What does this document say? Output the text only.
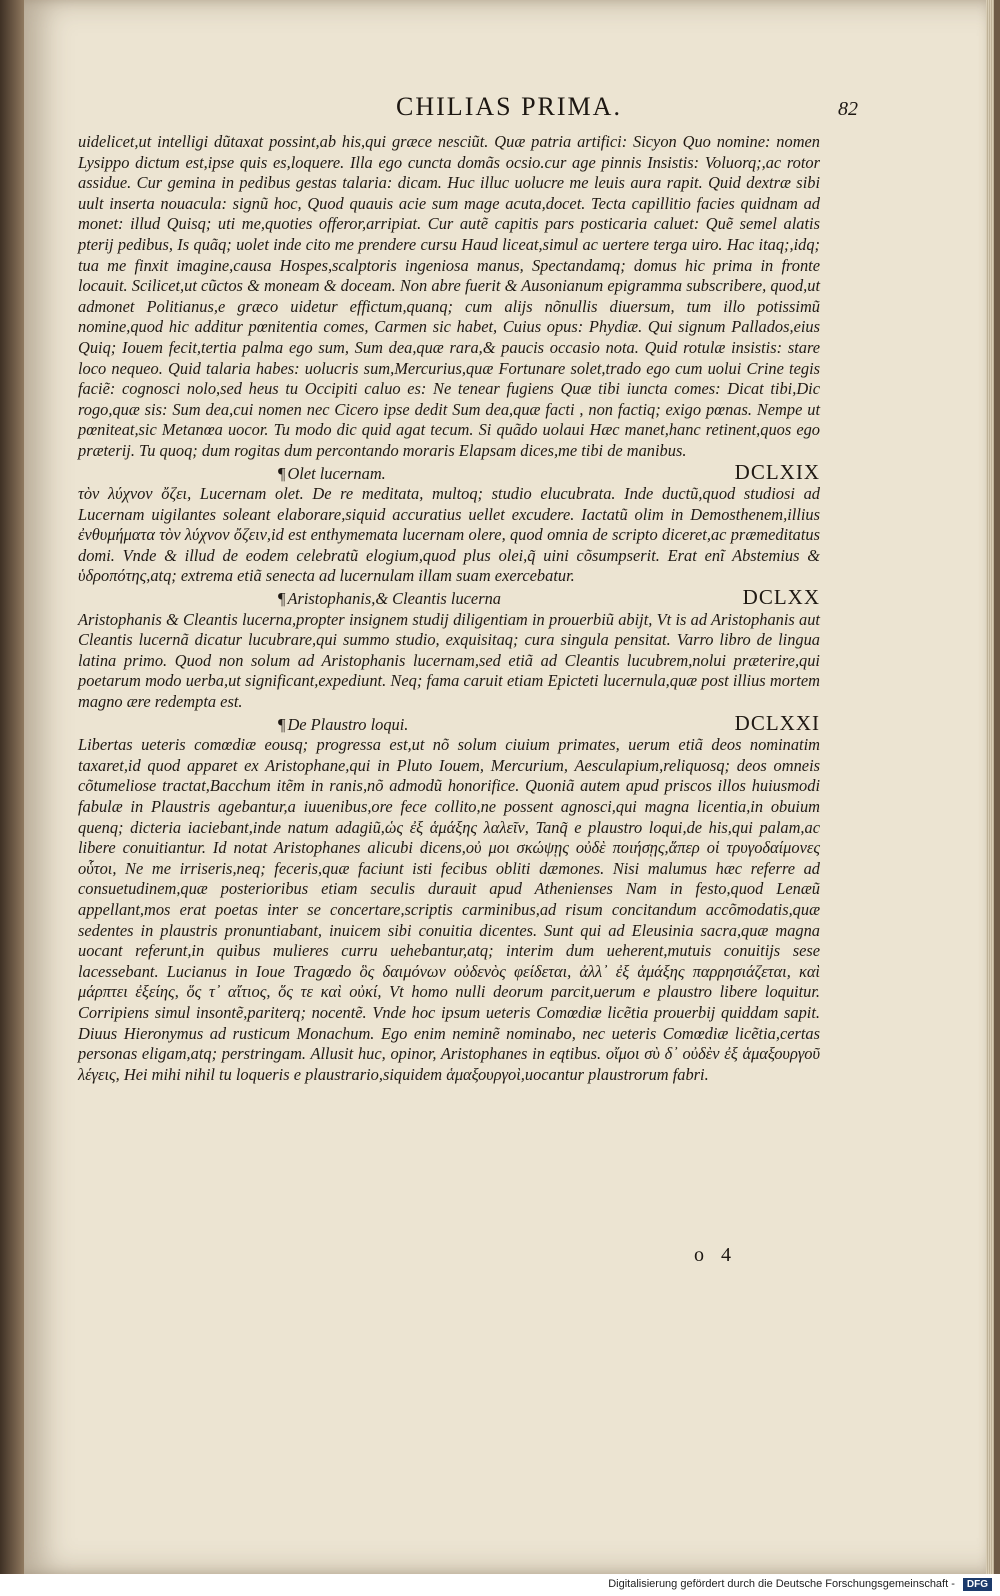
CHILIAS PRIMA.	82

uidelicet,ut intelligi dũtaxat possint,ab his,qui græce nesciũt. Quæ patria artifici: Sicyon Quo nomine: nomen Lysippo dictum est,ipse quis es,loquere. Illa ego cuncta domãs ocsio.cur age pinnis Insistis: Voluorq;,ac rotor assidue. Cur gemina in pedibus gestas talaria: dicam. Huc illuc uolucre me leuis aura rapit. Quid dextræ sibi uult inserta nouacula: signũ hoc, Quod quauis acie sum mage acuta,docet. Tecta capillitio facies quidnam ad monet: illud Quisq; uti me,quoties offeror,arripiat. Cur autẽ capitis pars posticaria caluet: Quẽ semel alatis pterij pedibus, Is quãq; uolet inde cito me prendere cursu Haud liceat,simul ac uertere terga uiro. Hac itaq;,idq; tua me finxit imagine,causa Hospes,scalptoris ingeniosa manus, Spectandamq; domus hic prima in fronte locauit. Scilicet,ut cũctos & moneam & doceam. Non abre fuerit & Ausonianum epigramma subscribere, quod,ut admonet Politianus,e græco uidetur effictum,quanq; cum alijs nõnullis diuersum, tum illo potissimũ nomine,quod hic additur pœnitentia comes, Carmen sic habet, Cuius opus: Phydiæ. Qui signum Pallados,eius Quiq; Iouem fecit,tertia palma ego sum, Sum dea,quæ rara,& paucis occasio nota. Quid rotulæ insistis: stare loco nequeo. Quid talaria habes: uolucris sum,Mercurius,quæ Fortunare solet,trado ego cum uolui Crine tegis faciẽ: cognosci nolo,sed heus tu Occipiti caluo es: Ne tenear fugiens Quæ tibi iuncta comes: Dicat tibi,Dic rogo,quæ sis: Sum dea,cui nomen nec Cicero ipse dedit Sum dea,quæ facti , non factiq; exigo pœnas. Nempe ut pœniteat,sic Metanœa uocor. Tu modo dic quid agat tecum. Si quãdo uolaui Hæc manet,hanc retinent,quos ego præterij. Tu quoq; dum rogitas dum percontando moraris Elapsam dices,me tibi de manibus.

¶ Olet lucernam.	DCLXIX

τὸν λύχνον ὄζει, Lucernam olet. De re meditata, multoq; studio elucubrata. Inde ductũ,quod studiosi ad Lucernam uigilantes soleant elaborare,siquid accuratius uellet excudere. Iactatũ olim in Demosthenem,illius ἐνθυμήματα τὸν λύχνον ὄζειν,id est enthymemata lucernam olere, quod omnia de scripto diceret,ac præmeditatus domi. Vnde & illud de eodem celebratũ elogium,quod plus olei,q̃ uini cõsumpserit. Erat enĩ Abstemius & ὑδροπότης,atq; extrema etiã senecta ad lucernulam illam suam exercebatur.

¶ Aristophanis,& Cleantis lucerna	DCLXX

Aristophanis & Cleantis lucerna,propter insignem studij diligentiam in prouerbiũ abijt, Vt is ad Aristophanis aut Cleantis lucernã dicatur lucubrare,qui summo studio, exquisitaq; cura singula pensitat. Varro libro de lingua latina primo. Quod non solum ad Aristophanis lucernam,sed etiã ad Cleantis lucubrem,nolui præterire,qui poetarum modo uerba,ut significant,expediunt. Neq; fama caruit etiam Epicteti lucernula,quæ post illius mortem magno ære redempta est.

¶ De Plaustro loqui.	DCLXXI

Libertas ueteris comœdiæ eousq; progressa est,ut nõ solum ciuium primates, uerum etiã deos nominatim taxaret,id quod apparet ex Aristophane,qui in Pluto Iouem, Mercurium, Aesculapium,reliquosq; deos omneis cõtumeliose tractat,Bacchum itẽm in ranis,nõ admodũ honorifice. Quoniã autem apud priscos illos huiusmodi fabulæ in Plaustris agebantur,a iuuenibus,ore fece collito,ne possent agnosci,qui magna licentia,in obuium quenq; dicteria iaciebant,inde natum adagiũ,ὡς ἐξ ἁμάξης λαλεῖν, Tanq̃ e plaustro loqui,de his,qui palam,ac libere conuitiantur. Id notat Aristophanes alicubi dicens,οὐ μοι σκώψῃς οὐδὲ ποιήσῃς,ἅπερ οἱ τρυγοδαίμονες οὗτοι, Ne me irriseris,neq; feceris,quæ faciunt isti fecibus obliti dæmones. Nisi malumus hæc referre ad consuetudinem,quæ posterioribus etiam seculis durauit apud Athenienses Nam in festo,quod Lenæũ appellant,mos erat poetas inter se concertare,scriptis carminibus,ad risum concitandum accõmodatis,quæ sedentes in plaustris pronuntiabant, inuicem sibi conuitia dicentes. Sunt qui ad Eleusinia sacra,quæ magna uocant referunt,in quibus mulieres curru uehebantur,atq; interim dum ueherent,mutuis conuitijs sese lacessebant. Lucianus in Ioue Tragœdo ὃς δαιμόνων οὐδενὸς φείδεται, ἀλλ᾽ ἐξ ἁμάξης παρρησιάζεται, καὶ μάρπτει ἐξείης, ὅς τ᾽ αἴτιος, ὅς τε καὶ οὐκί, Vt homo nulli deorum parcit,uerum e plaustro libere loquitur. Corripiens simul insontẽ,pariterq; nocentẽ. Vnde hoc ipsum ueteris Comœdiæ licẽtia prouerbij quiddam sapit. Diuus Hieronymus ad rusticum Monachum. Ego enim neminẽ nominabo, nec ueteris Comœdiæ licẽtia,certas personas eligam,atq; perstringam. Allusit huc, opinor, Aristophanes in eqtibus. οἴμοι σὺ δ᾽ οὐδὲν ἐξ ἁμαξουργοῦ λέγεις, Hei mihi nihil tu loqueris e plaustrario,siquidem ἁμαξουργοὶ,uocantur plaustrorum fabri.

o 4
Digitalisierung gefördert durch die Deutsche Forschungsgemeinschaft - DFG
